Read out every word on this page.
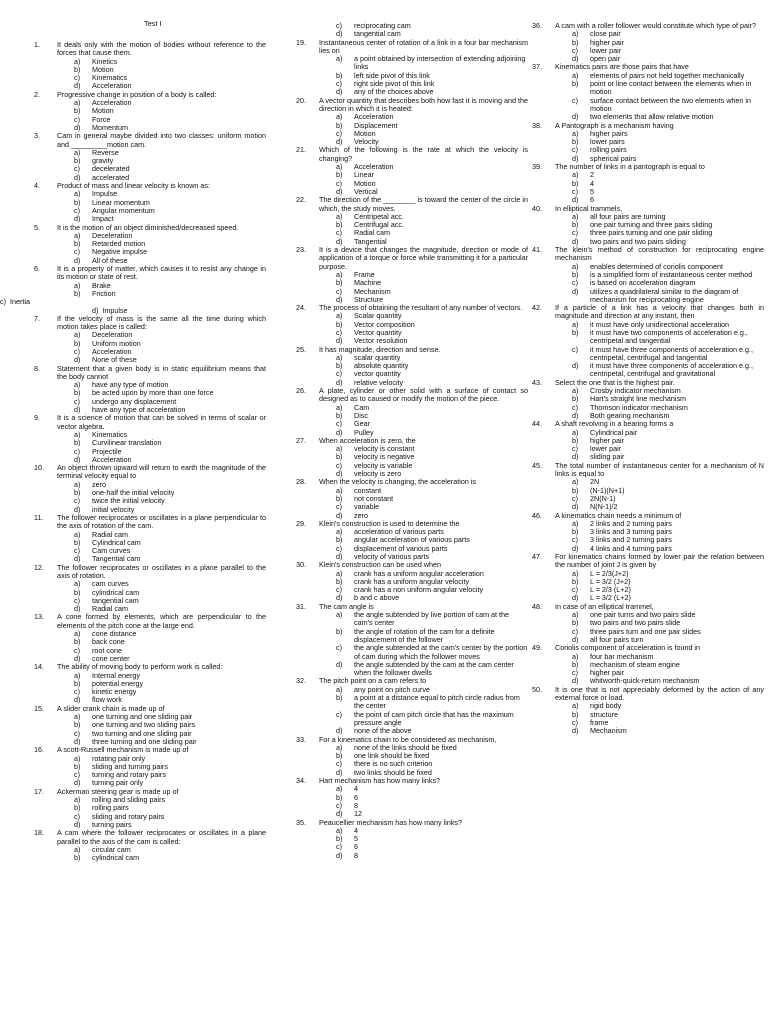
Test I
It deals only with the motion of bodies without reference to the forces that cause them.
1.
a) Kinetics
b) Motion
c) Kinematics
d) Acceleration
Progressive change in position of a body is called:
2.
a) Acceleration
b) Motion
c) Force
d) Momentum
Cam in general maybe divided into two classes: uniform motion and _________motion cam.
3.
a) Reverse
b) gravity
c) decelerated
d) accelerated
Product of mass and linear velocity is known as:
4.
a) Impulse
b) Linear momentum
c) Angular momentum
d) Impact
It is the motion of an object diminished/decreased speed.
5.
a) Deceleration
b) Retarded motion
c) Negative impulse
d) All of these
It is a property of matter, which causes it to resist any change in its motion or state of rest.
6.
a) Brake
b) Friction
c)  Inertia
d)  Impulse
If the velocity of mass is the same all the time during which motion takes place is called:
7.
a) Deceleration
b) Uniform motion
c) Acceleration
d) None of these
Statement that a given body is in static equilibrium means that the body cannot
8.
a) have any type of motion
b) be acted upon by more than one force
c) undergo any displacement
d) have any type of acceleration
It is a science of motion that can be solved in terms of scalar or vector algebra.
9.
a) Kinematics
b) Curvilinear translation
c) Projectile
d) Acceleration
An object thrown upward will return to earth the magnitude of the terminal velocity equal to
10.
a) zero
b) one-half the initial velocity
c) twice the initial velocity
d) initial velocity
The follower reciprocates or oscillates in a plane perpendicular to the axis of rotation of the cam.
11.
a) Radial cam
b) Cylindrical cam
c) Cam curves
d) Tangential cam
The follower reciprocates or oscillates in a plane parallel to the axis of rotation.
12.
a) cam curves
b) cylindrical cam
c) tangential cam
d) Radial cam
A cone formed by elements, which are perpendicular to the elements of the pitch cone at the large end.
13.
a) cone distance
b) back cone
c) root cone
d) cone center
The ability of moving body to perform work is called:
14.
a) Internal energy
b) potential energy
c) kinetic energy
d) flow work
A slider crank chain is made up of
15.
a) one turning and one sliding pair
b) one turning and two sliding pairs
c) two turning and one sliding pair
d) three turning and one sliding pair
A scott-Russell mechanism is made up of
16.
a) rotating pair only
b) sliding and turning pairs
c) turning and rotary pairs
d) turning pair only
Ackerman steering gear is made up of
17.
a) rolling and sliding pairs
b) rolling pairs
c) sliding and rotary pairs
d) turning pairs
A cam where the follower reciprocates or oscillates in a plane parallel to the axis of the cam is called:
18.
a) circular cam
b) cylindrical cam
c) reciprocating cam
d) tangential cam
Instantaneous center of rotation of a link in a four bar mechanism lies on
19.
a) a point obtained by intersection of extending adjoining links
b) left side pivot of this link
c) right side pivot of this link
d) any of the choices above
A vector quantity that describes both how fast it is moving and the direction in which it is heated:
20.
a) Acceleration
b) Displacement
c) Motion
d) Velocity
Which of the following is the rate at which the velocity is changing?
21.
a) Acceleration
b) Linear
c) Motion
d) Vertical
The direction of the ________ is toward the center of the circle in which, the study moves.
22.
a) Centripetal acc.
b) Centrifugal acc.
c) Radial cam
d) Tangential
It is a device that changes the magnitude, direction or mode of application of a torque or force while transmitting it for a particular purpose.
23.
a) Frame
b) Machine
c) Mechanism
d) Structure
The process of obtaining the resultant of any number of vectors.
24.
a) Scalar quantity
b) Vector composition
c) Vector quantity
d) Vector resolution
It has magnitude, direction and sense.
25.
a) scalar quantity
b) absolute quantity
c) vector quantity
d) relative velocity
A plate, cylinder or other solid with a surface of contact so designed as to caused or modify the motion of the piece.
26.
a) Cam
b) Disc
c) Gear
d) Pulley
When acceleration is zero, the
27.
a) velocity is constant
b) velocity is negative
c) velocity is variable
d) velocity is zero
When the velocity is changing, the acceleration is
28.
a) constant
b) not constant
c) variable
d) zero
Klein's construction is used to determine the
29.
a) acceleration of various parts
b) angular acceleration of various parts
c) displacement of various parts
d) velocity of various parts
Klein's construction can be used when
30.
a) crank has a uniform angular acceleration
b) crank has a uniform angular velocity
c) crank has a non uniform angular velocity
d) b and c above
The cam angle is
31.
a) the angle subtended by live portion of cam at the cam's center
b) the angle of rotation of the cam for a definite displacement of the follower
c) the angle subtended at the cam's center by the portion of cam during which the follower moves
d) the angle subtended by the cam at the cam center when the follower dwells
The pitch point on a cam refers to
32.
a) any point on pitch curve
b) a point at a distance equal to pitch circle radius from the center
c) the point of cam pitch circle that has the maximum pressure angle
d) none of the above
For a kinematics chain to be considered as mechanism,
33.
a) none of the links should be fixed
b) one link should be fixed
c) there is no such criterion
d) two links should be fixed
Hart mechanism has how many links?
34.
a) 4
b) 6
c) 8
d) 12
Peaucellier mechanism has how many links?
35.
a) 4
b) 5
c) 6
d) 8
A cam with a roller follower would constitute which type of pair?
36.
a) close pair
b) higher pair
c) lower pair
d) open pair
Kinematics pairs are those pairs that have
37.
a) elements of pairs not held together mechanically
b) point or line contact between the elements when in motion
c) surface contact between the two elements when in motion
d) two elements that allow relative motion
A Pantograph is a mechanism having
38.
a) higher pairs
b) lower pairs
c) rolling pairs
d) spherical pairs
The number of links in a pantograph is equal to
39.
a) 2
b) 4
c) 5
d) 6
In elliptical trammels,
40.
a) all four pairs are turning
b) one pair turning and three pairs sliding
c) three pairs turning and one pair sliding
d) two pairs and two pairs sliding
The klein's method of construction for reciprocating engine mechanism
41.
a) enables determined of coriolis component
b) is a simplified form of instantaneous center method
c) is based on acceleration diagram
d) utilizes a quadrilateral similar to the diagram of mechanism for reciprocating engine
If a particle of a link has a velocity that changes both in magnitude and direction at any instant, then
42.
a) it must have only unidirectional acceleration
b) it must have two components of acceleration e.g., centripetal and tangential
c) it must have three components of acceleration e.g., centripetal, centrifugal and tangential
d) it must have three components of acceleration e.g., centripetal, centrifugal and gravitational
Select the one that is the highest pair.
43.
a) Crosby indicator mechanism
b) Hart's straight line mechanism
c) Thomson indicator mechanism
d) Both gearing mechanism
A shaft revolving in a bearing forms a
44.
a) Cylindrical pair
b) higher pair
c) lower pair
d) sliding pair
The total number of instantaneous center for a mechanism of N links is equal to
45.
a) 2N
b) (N-1)(N+1)
c) 2N(N-1)
d) N(N-1)/2
A kinematics chain needs a minimum of
46.
a) 2 links and 2 turning pairs
b) 3 links and 3 turning pairs
c) 3 links and 2 turning pairs
d) 4 links and 4 turning pairs
For kinematics chains formed by lower pair the relation between the number of joint J is given by
47.
a) L = 2/3(J+2)
b) L = 3/2 (J+2)
c) L = 2/3 (L+2)
d) L = 3/2 (L+2)
In case of an elliptical trammel,
48.
a) one pair turns and two pairs slide
b) two pairs and two pairs slide
c) three pairs turn and one pair slides
d) all four pairs turn
Coriolis component of acceleration is found in
49.
a) four bar mechanism
b) mechanism of steam engine
c) higher pair
d) whitworth-quick-return mechanism
It is one that is not appreciably deformed by the action of any external force or load.
50.
a) rigid body
b) structure
c) frame
d) Mechanism
